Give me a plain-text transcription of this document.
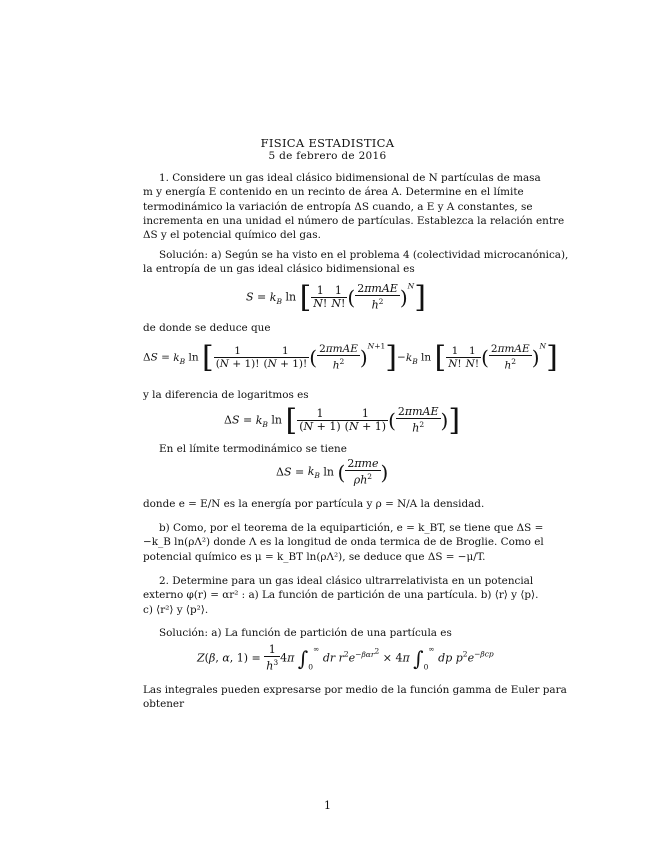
FISICA ESTADISTICA
5 de febrero de 2016
1. Considere un gas ideal clásico bidimensional de N partículas de masa
m y energía E contenido en un recinto de área A. Determine en el límite
termodinámico la variación de entropía ΔS cuando, a E y A constantes, se
incrementa en una unidad el número de partículas. Establezca la relación entre
ΔS y el potencial químico del gas.
Solución: a) Según se ha visto en el problema 4 (colectividad microcanónica),
la entropía de un gas ideal clásico bidimensional es
$S = k_B$ ln [ $\frac{1}{N!} \frac{1}{N!}$ ( $\frac{\text{2πmAE}}{h^2} )^N$]
de donde se deduce que
$\Delta S = k_B$ ln [ $\frac{1}{(N + 1)!} \frac{1}{(N + 1)!}$ ( $\frac{\text{2πmAE}}{h^2} )^{N+1}]-k_B$ ln [ $\frac{1}{N!} \frac{1}{N!}$ ( $\frac{\text{2πmAE}}{h^2} )^N$]
y la diferencia de logaritmos es
$\Delta S = k_B$ ln [ $\frac{1}{(N + 1)} \frac{1}{(N + 1)}$ ( $\frac{\text{2πmAE}}{h^2}$ )]
En el límite termodinámico se tiene
$\Delta S = k_B$ ln ( $\frac{\text{2πme}}{\rho h^2}$ )
donde e = E/N es la energía por partícula y ρ = N/A la densidad.
b) Como, por el teorema de la equipartición, e = k_BT, se tiene que ΔS =
−k_B ln(ρΛ²) donde Λ es la longitud de onda termica de de Broglie. Como el
potencial químico es μ = k_BT ln(ρΛ²), se deduce que ΔS = −μ/T.
2. Determine para un gas ideal clásico ultrarrelativista en un potencial
externo φ(r) = αr² : a) La función de partición de una partícula. b) ⟨r⟩ y ⟨p⟩.
c) ⟨r²⟩ y ⟨p²⟩.
Solución: a) La función de partición de una partícula es
Z(β, α, $1) = \frac{1}{h^3} 4\pi$ $\int_0^\infty$ dr $r^2e^{-\beta\alpha r^2} \times 4\pi$ $\int_0^\infty$ dp $p^2e^{-\beta cp}$
Las integrales pueden expresarse por medio de la función gamma de Euler para
obtener
1
